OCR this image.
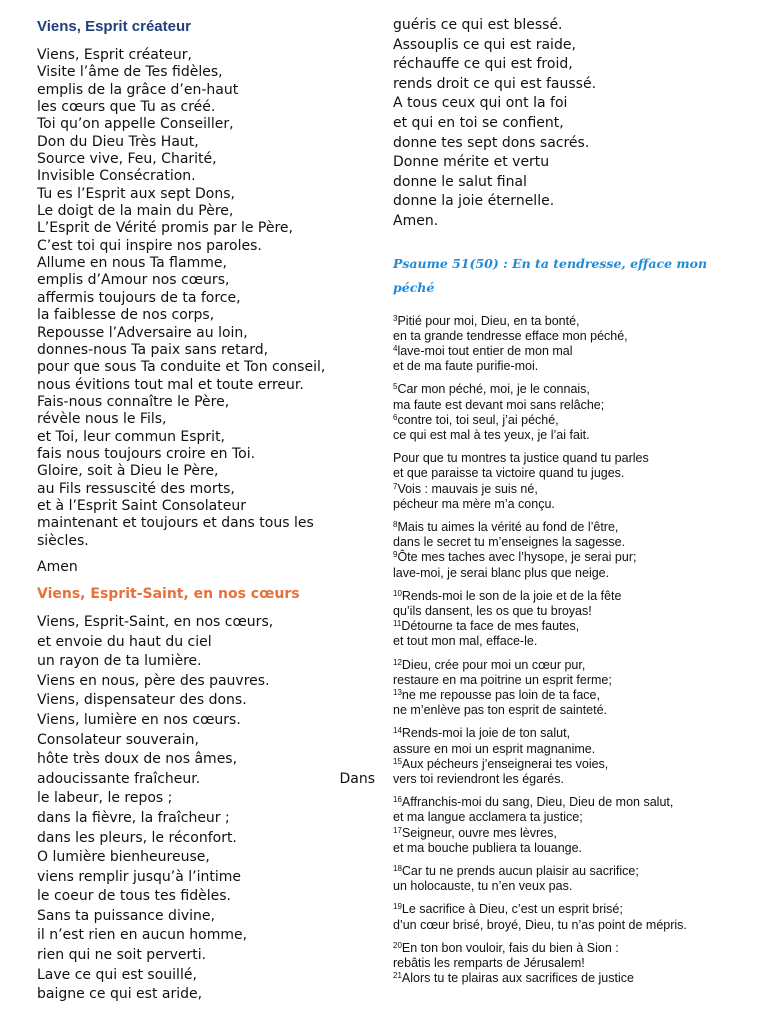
Viens, Esprit créateur
Viens, Esprit créateur,
Visite l’âme de Tes fidèles,
emplis de la grâce d’en-haut
les cœurs que Tu as créé.
Toi qu’on appelle Conseiller,
Don du Dieu Très Haut,
Source vive, Feu, Charité,
Invisible Consécration.
Tu es l’Esprit aux sept Dons,
Le doigt de la main du Père,
L’Esprit de Vérité promis par le Père,
C’est toi qui inspire nos paroles.
Allume en nous Ta flamme,
emplis d’Amour nos cœurs,
affermis toujours de ta force,
la faiblesse de nos corps,
Repousse l’Adversaire au loin,
donnes-nous Ta paix sans retard,
pour que sous Ta conduite et Ton conseil,
nous évitions tout mal et toute erreur.
Fais-nous connaître le Père,
révèle nous le Fils,
et Toi, leur commun Esprit,
fais nous toujours croire en Toi.
Gloire, soit à Dieu le Père,
au Fils ressuscité des morts,
et à l’Esprit Saint Consolateur
maintenant et toujours et dans tous les
siècles.
Amen
Viens, Esprit-Saint, en nos cœurs
Viens, Esprit-Saint, en nos cœurs,
et envoie du haut du ciel
un rayon de ta lumière.
Viens en nous, père des pauvres.
Viens, dispensateur des dons.
Viens, lumière en nos cœurs.
Consolateur souverain,
hôte très doux de nos âmes,
adoucissante fraîcheur.	Dans
le labeur, le repos ;
dans la fièvre, la fraîcheur ;
dans les pleurs, le réconfort.
O lumière bienheureuse,
viens remplir jusqu’à l’intime
le coeur de tous tes fidèles.
Sans ta puissance divine,
il n’est rien en aucun homme,
rien qui ne soit perverti.
Lave ce qui est souillé,
baigne ce qui est aride,
guéris ce qui est blessé.
Assouplis ce qui est raide,
réchauffe ce qui est froid,
rends droit ce qui est faussé.
A tous ceux qui ont la foi
et qui en toi se confient,
donne tes sept dons sacrés.
Donne mérite et vertu
donne le salut final
donne la joie éternelle.
Amen.
Psaume 51(50) : En ta tendresse, efface mon péché
$^3$Pitié pour moi, Dieu, en ta bonté,
en ta grande tendresse efface mon péché,
$^4$lave-moi tout entier de mon mal
et de ma faute purifie-moi.
$^5$Car mon péché, moi, je le connais,
ma faute est devant moi sans relâche;
$^6$contre toi, toi seul, j’ai péché,
ce qui est mal à tes yeux, je l’ai fait.
Pour que tu montres ta justice quand tu parles
et que paraisse ta victoire quand tu juges.
$^7$Vois : mauvais je suis né,
pécheur ma mère m’a conçu.
$^8$Mais tu aimes la vérité au fond de l’être,
dans le secret tu m’enseignes la sagesse.
$^9$Ôte mes taches avec l’hysope, je serai pur;
lave-moi, je serai blanc plus que neige.
$^{10}$Rends-moi le son de la joie et de la fête
qu’ils dansent, les os que tu broyas!
$^{11}$Détourne ta face de mes fautes,
et tout mon mal, efface-le.
$^{12}$Dieu, crée pour moi un cœur pur,
restaure en ma poitrine un esprit ferme;
$^{13}$ne me repousse pas loin de ta face,
ne m’enlève pas ton esprit de sainteté.
$^{14}$Rends-moi la joie de ton salut,
assure en moi un esprit magnanime.
$^{15}$Aux pécheurs j’enseignerai tes voies,
vers toi reviendront les égarés.
$^{16}$Affranchis-moi du sang, Dieu, Dieu de mon salut,
et ma langue acclamera ta justice;
$^{17}$Seigneur, ouvre mes lèvres,
et ma bouche publiera ta louange.
$^{18}$Car tu ne prends aucun plaisir au sacrifice;
un holocauste, tu n’en veux pas.
$^{19}$Le sacrifice à Dieu, c’est un esprit brisé;
d’un cœur brisé, broyé, Dieu, tu n’as point de mépris.
$^{20}$En ton bon vouloir, fais du bien à Sion :
rebâtis les remparts de Jérusalem!
$^{21}$Alors tu te plairas aux sacrifices de justice
